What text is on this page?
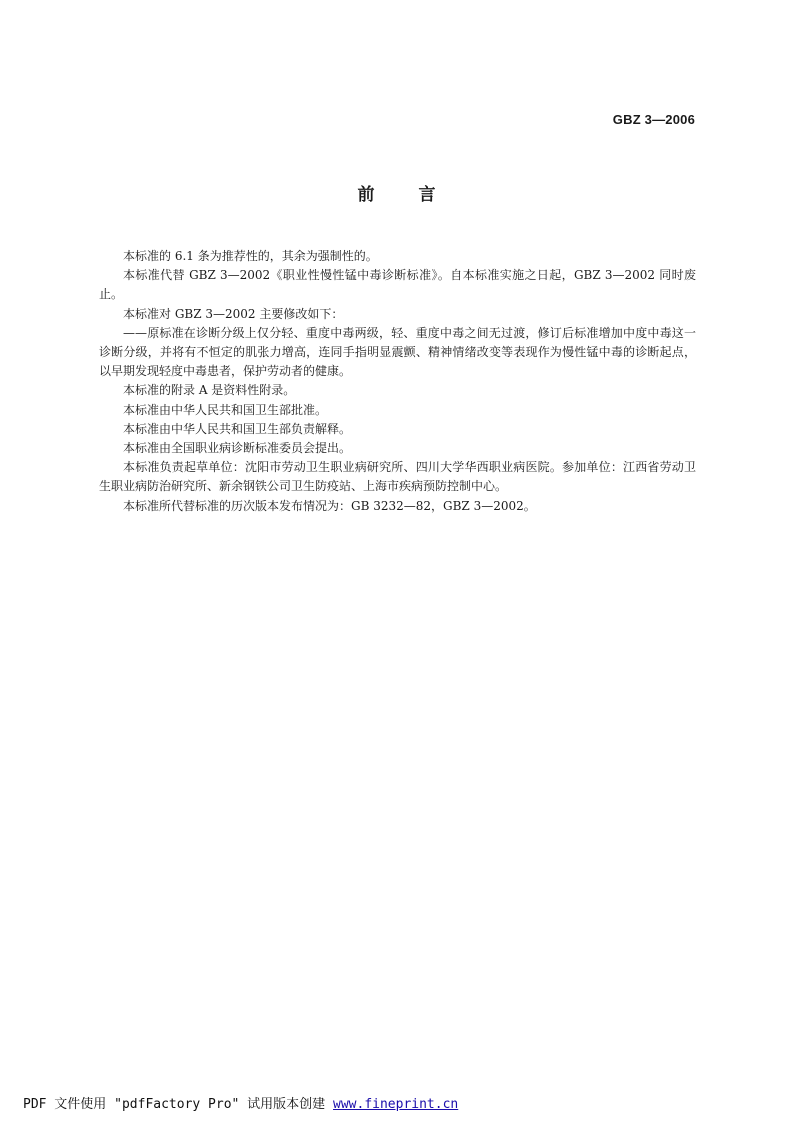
GBZ 3—2006
前言

本标准的 6.1 条为推荐性的，其余为强制性的。

本标准代替 GBZ 3—2002《职业性慢性锰中毒诊断标准》。自本标准实施之日起，GBZ 3—2002 同时废止。

本标准对 GBZ 3—2002 主要修改如下：

——原标准在诊断分级上仅分轻、重度中毒两级，轻、重度中毒之间无过渡，修订后标准增加中度中毒这一诊断分级，并将有不恒定的肌张力增高，连同手指明显震颤、精神情绪改变等表现作为慢性锰中毒的诊断起点，以早期发现轻度中毒患者，保护劳动者的健康。

本标准的附录 A 是资料性附录。

本标准由中华人民共和国卫生部批准。

本标准由中华人民共和国卫生部负责解释。

本标准由全国职业病诊断标准委员会提出。

本标准负责起草单位：沈阳市劳动卫生职业病研究所、四川大学华西职业病医院。参加单位：江西省劳动卫生职业病防治研究所、新余钢铁公司卫生防疫站、上海市疾病预防控制中心。

本标准所代替标准的历次版本发布情况为：GB 3232—82，GBZ 3—2002。

PDF 文件使用 "pdfFactory Pro" 试用版本创建 www.fineprint.cn
